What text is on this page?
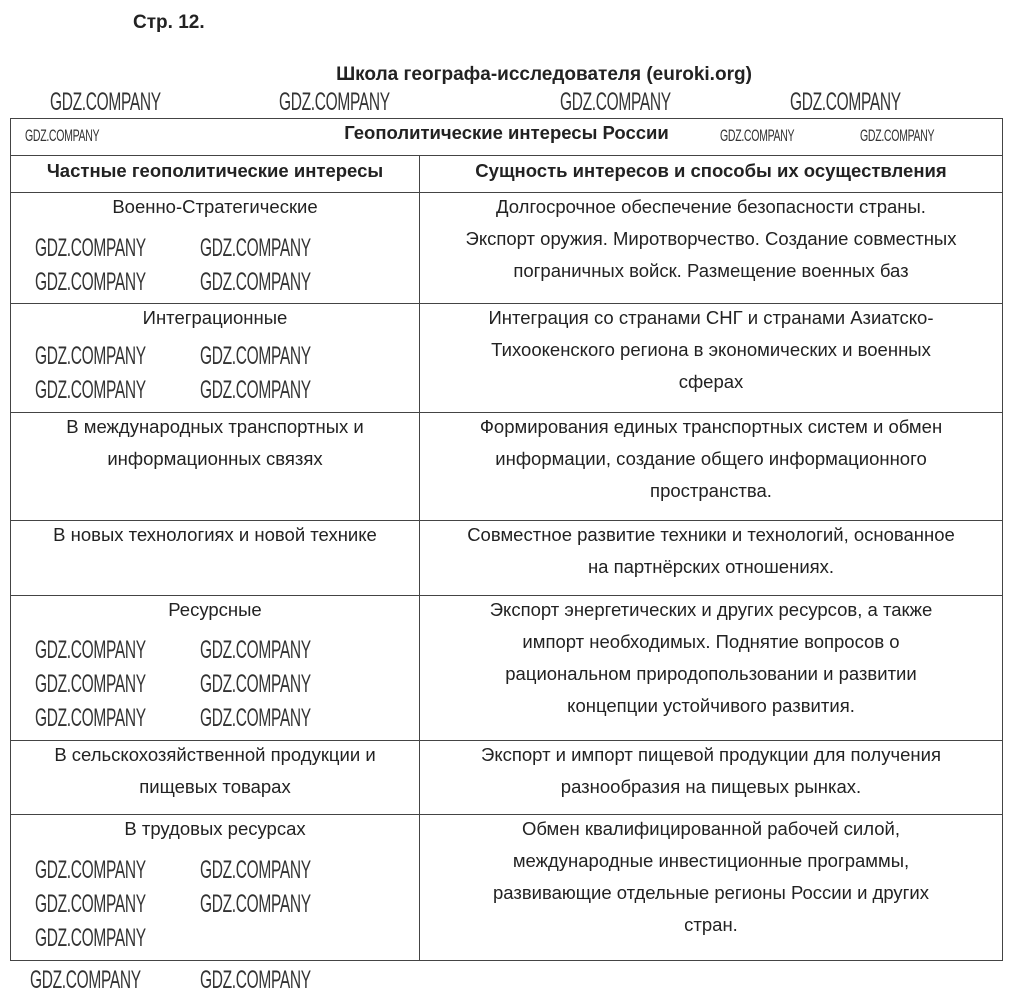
Стр. 12.
Школа географа-исследователя (euroki.org)
Геополитические интересы России	
Частные геополитические интересы	Сущность интересов и способы их осуществления

Военно-Стратегические	Долгосрочное обеспечение безопасности страны.
Экспорт оружия. Миротворчество. Создание совместных
пограничных войск. Размещение военных баз

Интеграционные	Интеграция со странами СНГ и странами Азиатско-
Тихоокенского региона в экономических и военных
сферах

В международных транспортных и
информационных связях	Формирования единых транспортных систем и обмен
информации, создание общего информационного
пространства.

В новых технологиях и новой технике	Совместное развитие техники и технологий, основанное
на партнёрских отношениях.

Ресурсные	Экспорт энергетических и других ресурсов, а также
импорт необходимых. Поднятие вопросов о
рациональном природопользовании и развитии
концепции устойчивого развития.

В сельскохозяйственной продукции и
пищевых товарах	Экспорт и импорт пищевой продукции для получения
разнообразия на пищевых рынках.

В трудовых ресурсах	Обмен квалифицированной рабочей силой,
международные инвестиционные программы,
развивающие отдельные регионы России и других
стран.
GDZ.COMPANY	GDZ.COMPANY	GDZ.COMPANY	GDZ.COMPANY
GDZ.COMPANY GDZ.COMPANY
GDZ.COMPANY GDZ.COMPANY
GDZ.COMPANY GDZ.COMPANY
GDZ.COMPANY GDZ.COMPANY
GDZ.COMPANY GDZ.COMPANY
GDZ.COMPANY GDZ.COMPANY
GDZ.COMPANY GDZ.COMPANY
GDZ.COMPANY GDZ.COMPANY
GDZ.COMPANY GDZ.COMPANY
GDZ.COMPANY
GDZ.COMPANY	GDZ.COMPANY	GDZ.COMPANY
GDZ.COMPANY GDZ.COMPANY
